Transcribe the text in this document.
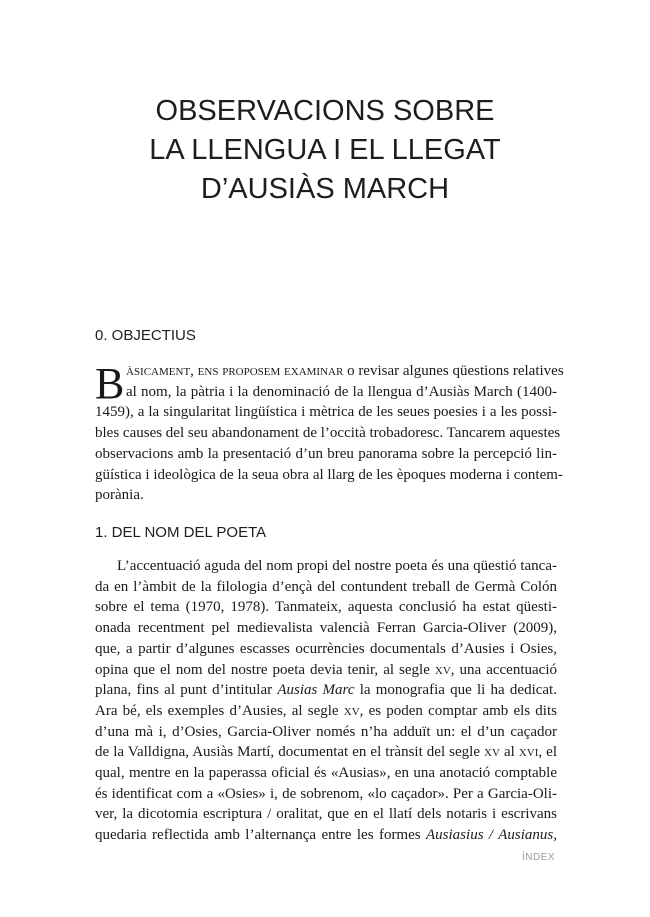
OBSERVACIONS SOBRE
LA LLENGUA I EL LLEGAT
D’AUSIÀS MARCH
0. OBJECTIUS
B àsicament, ens proposem examinar o revisar algunes qüestions relatives
al nom, la pàtria i la denominació de la llengua d’Ausiàs March (1400-
1459), a la singularitat lingüística i mètrica de les seues poesies i a les possi-
bles causes del seu abandonament de l’occità trobadoresc. Tancarem aquestes
observacions amb la presentació d’un breu panorama sobre la percepció lin-
güística i ideològica de la seua obra al llarg de les èpoques moderna i contem-
porània.
1. DEL NOM DEL POETA
L’accentuació aguda del nom propi del nostre poeta és una qüestió tanca-
da en l’àmbit de la filologia d’ençà del contundent treball de Germà Colón
sobre el tema (1970, 1978). Tanmateix, aquesta conclusió ha estat qüesti-
onada recentment pel medievalista valencià Ferran Garcia-Oliver (2009),
que, a partir d’algunes escasses ocurrències documentals d’Ausies i Osies,
opina que el nom del nostre poeta devia tenir, al segle xv, una accentuació
plana, fins al punt d’intitular Ausias Marc la monografia que li ha dedicat.
Ara bé, els exemples d’Ausies, al segle xv, es poden comptar amb els dits
d’una mà i, d’Osies, Garcia-Oliver només n’ha adduït un: el d’un caçador
de la Valldigna, Ausiàs Martí, documentat en el trànsit del segle xv al xvi, el
qual, mentre en la paperassa oficial és «Ausias», en una anotació comptable
és identificat com a «Osies» i, de sobrenom, «lo caçador». Per a Garcia-Oli-
ver, la dicotomia escriptura / oralitat, que en el llatí dels notaris i escrivans
quedaria reflectida amb l’alternança entre les formes Ausiasius / Ausianus,
ÍNDEX
